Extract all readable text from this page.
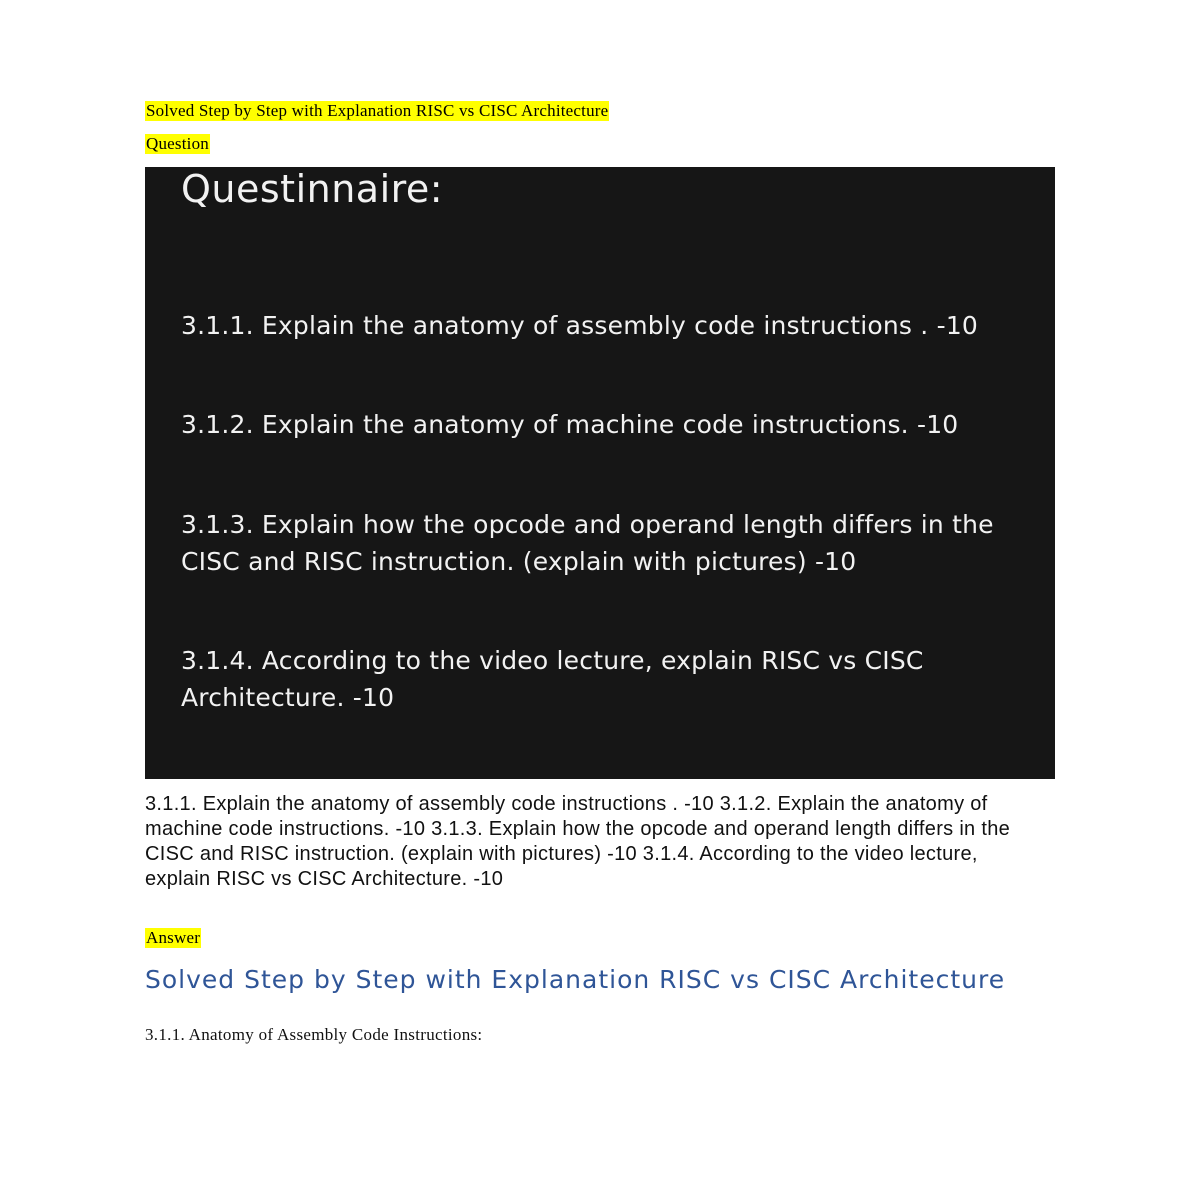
Solved Step by Step with Explanation RISC vs CISC Architecture
Question
Questinnaire:
3.1.1. Explain the anatomy of assembly code instructions . -10
3.1.2. Explain the anatomy of machine code instructions. -10
3.1.3. Explain how the opcode and operand length differs in the CISC and RISC instruction. (explain with pictures) -10
3.1.4. According to the video lecture, explain RISC vs CISC Architecture. -10
3.1.1. Explain the anatomy of assembly code instructions . -10 3.1.2. Explain the anatomy of machine code instructions. -10 3.1.3. Explain how the opcode and operand length differs in the CISC and RISC instruction. (explain with pictures) -10 3.1.4. According to the video lecture, explain RISC vs CISC Architecture. -10
Answer
Solved Step by Step with Explanation RISC vs CISC Architecture
3.1.1. Anatomy of Assembly Code Instructions:
